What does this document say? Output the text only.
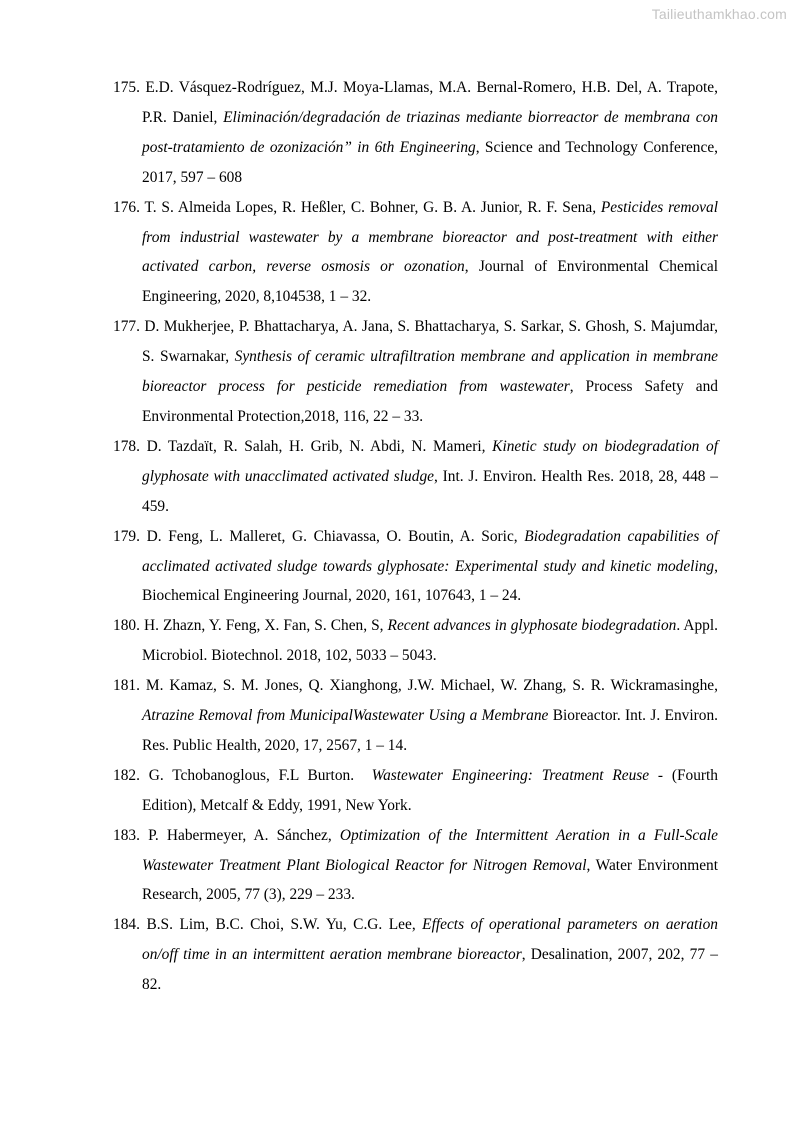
Tailieuthamkhao.com

175. E.D. Vásquez-Rodríguez, M.J. Moya-Llamas, M.A. Bernal-Romero, H.B. Del, A. Trapote, P.R. Daniel, Eliminación/degradación de triazinas mediante biorreactor de membrana con post-tratamiento de ozonización” in 6th Engineering, Science and Technology Conference, 2017, 597 – 608

176. T. S. Almeida Lopes, R. Heßler, C. Bohner, G. B. A. Junior, R. F. Sena, Pesticides removal from industrial wastewater by a membrane bioreactor and post-treatment with either activated carbon, reverse osmosis or ozonation, Journal of Environmental Chemical Engineering, 2020, 8,104538, 1 – 32.

177. D. Mukherjee, P. Bhattacharya, A. Jana, S. Bhattacharya, S. Sarkar, S. Ghosh, S. Majumdar, S. Swarnakar, Synthesis of ceramic ultrafiltration membrane and application in membrane bioreactor process for pesticide remediation from wastewater, Process Safety and Environmental Protection,2018, 116, 22 – 33.

178. D. Tazdaït, R. Salah, H. Grib, N. Abdi, N. Mameri, Kinetic study on biodegradation of glyphosate with unacclimated activated sludge, Int. J. Environ. Health Res. 2018, 28, 448 – 459.

179. D. Feng, L. Malleret, G. Chiavassa, O. Boutin, A. Soric, Biodegradation capabilities of acclimated activated sludge towards glyphosate: Experimental study and kinetic modeling, Biochemical Engineering Journal, 2020, 161, 107643, 1 – 24.

180. H. Zhazn, Y. Feng, X. Fan, S. Chen, S, Recent advances in glyphosate biodegradation. Appl. Microbiol. Biotechnol. 2018, 102, 5033 – 5043.

181. M. Kamaz, S. M. Jones, Q. Xianghong, J.W. Michael, W. Zhang, S. R. Wickramasinghe, Atrazine Removal from MunicipalWastewater Using a Membrane Bioreactor. Int. J. Environ. Res. Public Health, 2020, 17, 2567, 1 – 14.

182. G. Tchobanoglous, F.L Burton. Wastewater Engineering: Treatment Reuse - (Fourth Edition), Metcalf & Eddy, 1991, New York.

183. P. Habermeyer, A. Sánchez, Optimization of the Intermittent Aeration in a Full-Scale Wastewater Treatment Plant Biological Reactor for Nitrogen Removal, Water Environment Research, 2005, 77 (3), 229 – 233.

184. B.S. Lim, B.C. Choi, S.W. Yu, C.G. Lee, Effects of operational parameters on aeration on/off time in an intermittent aeration membrane bioreactor, Desalination, 2007, 202, 77 – 82.
